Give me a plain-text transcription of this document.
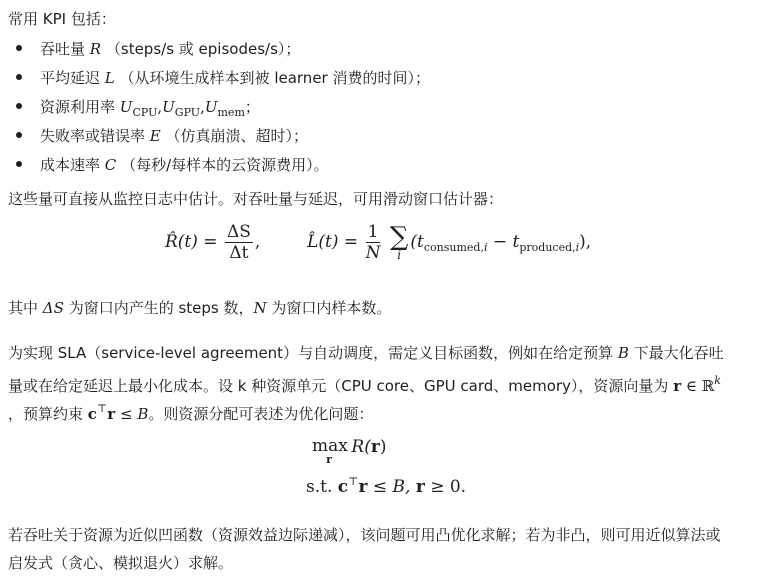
常用 KPI 包括：
吞吐量 R （steps/s 或 episodes/s）；
平均延迟 L （从环境生成样本到被 learner 消费的时间）；
资源利用率 $U_{CPU},U_{GPU},U_{mem}$；
失败率或错误率 E （仿真崩溃、超时）；
成本速率 C （每秒/每样本的云资源费用）。
这些量可直接从监控日志中估计。对吞吐量与延迟，可用滑动窗口估计器：
R̂(t) = $\frac{\Delta S}{\Delta t}$ ,	L̂(t) = $\frac{1}{N}$
∑
i
$(t_{consumed,i} - t_{produced,i})$,
其中 ΔS 为窗口内产生的 steps 数，N 为窗口内样本数。
为实现 SLA（service-level agreement）与自动调度，需定义目标函数，例如在给定预算 B 下最大化吞吐
量或在给定延迟上最小化成本。设 k 种资源单元（CPU core、GPU card、memory），资源向量为 r ∈ ℝ$^k$
，预算约束 c⊤r ≤ B。则资源分配可表述为优化问题：
max
r
R(r)
s.t. c⊤r ≤ B, r ≥ 0.
若吞吐关于资源为近似凹函数（资源效益边际递减），该问题可用凸优化求解；若为非凸，则可用近似算法或
启发式（贪心、模拟退火）求解。
